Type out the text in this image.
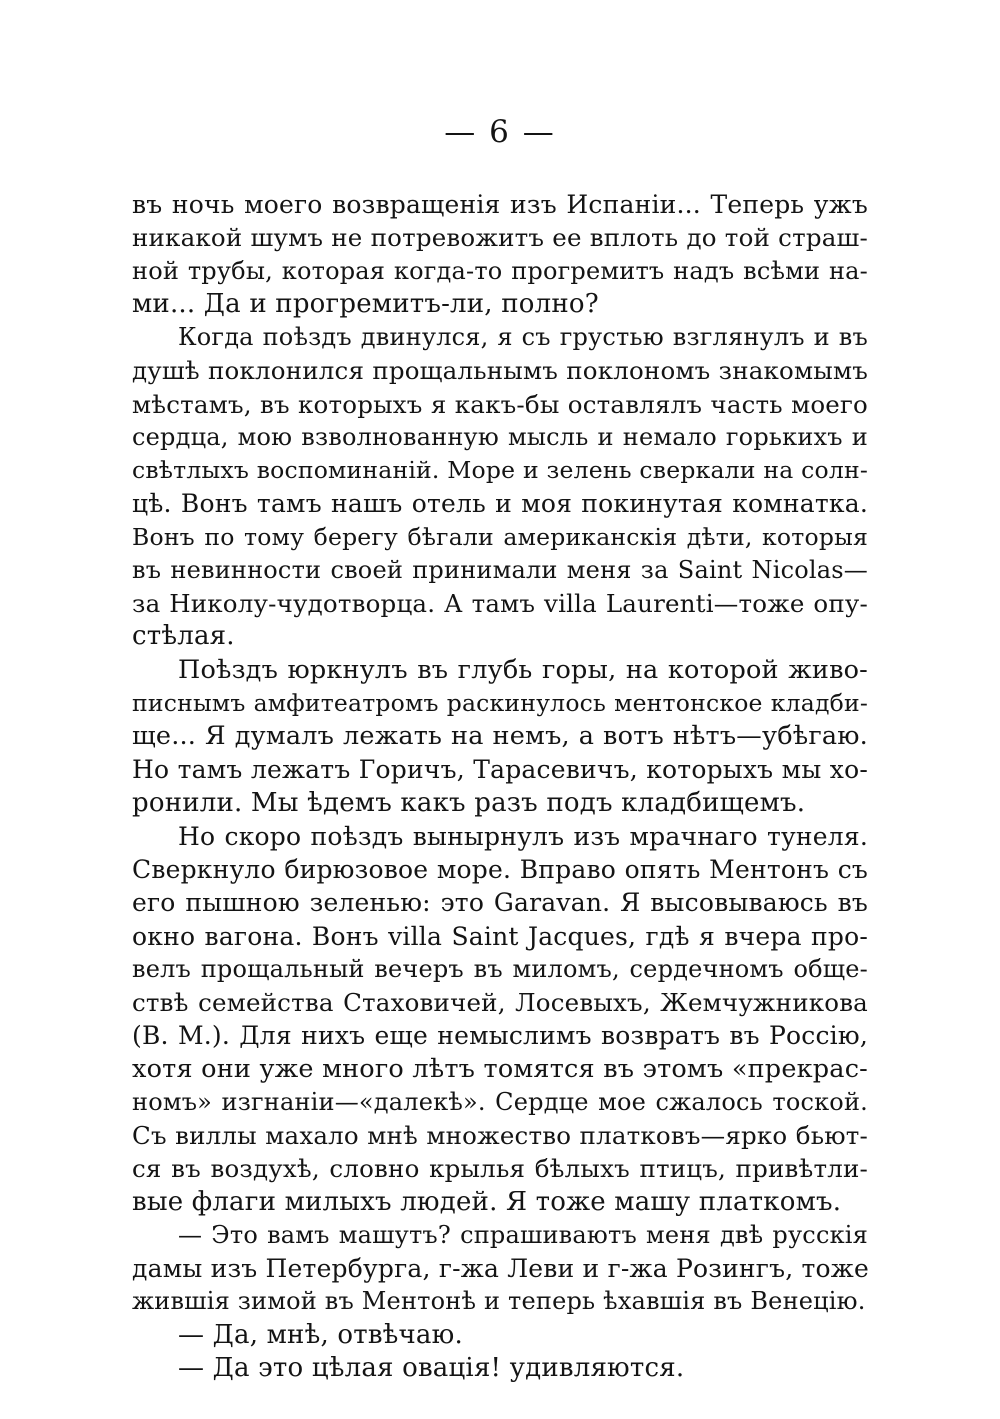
— 6 —
въ ночь моего возвращенія изъ Испаніи... Теперь ужъ
никакой шумъ не потревожитъ ее вплоть до той страш-
ной трубы, которая когда-то прогремитъ надъ всѣми на-
ми... Да и прогремитъ-ли, полно?
Когда поѣздъ двинулся, я съ грустью взглянулъ и въ
душѣ поклонился прощальнымъ поклономъ знакомымъ
мѣстамъ, въ которыхъ я какъ-бы оставлялъ часть моего
сердца, мою взволнованную мысль и немало горькихъ и
свѣтлыхъ воспоминаній. Море и зелень сверкали на солн-
цѣ. Вонъ тамъ нашъ отель и моя покинутая комнатка.
Вонъ по тому берегу бѣгали американскія дѣти, которыя
въ невинности своей принимали меня за Saint Nicolas—
за Николу-чудотворца. А тамъ villa Laurenti—тоже опу-
стѣлая.
Поѣздъ юркнулъ въ глубь горы, на которой живо-
писнымъ амфитеатромъ раскинулось ментонское кладби-
ще... Я думалъ лежать на немъ, а вотъ нѣтъ—убѣгаю.
Но тамъ лежатъ Горичъ, Тарасевичъ, которыхъ мы хо-
ронили. Мы ѣдемъ какъ разъ подъ кладбищемъ.
Но скоро поѣздъ вынырнулъ изъ мрачнаго тунеля.
Сверкнуло бирюзовое море. Вправо опять Ментонъ съ
его пышною зеленью: это Garavan. Я высовываюсь въ
окно вагона. Вонъ villa Saint Jacques, гдѣ я вчера про-
велъ прощальный вечеръ въ миломъ, сердечномъ обще-
ствѣ семейства Стаховичей, Лосевыхъ, Жемчужникова
(В. М.). Для нихъ еще немыслимъ возвратъ въ Россію,
хотя они уже много лѣтъ томятся въ этомъ «прекрас-
номъ» изгнаніи—«далекѣ». Сердце мое сжалось тоской.
Съ виллы махало мнѣ множество платковъ—ярко бьют-
ся въ воздухѣ, словно крылья бѣлыхъ птицъ, привѣтли-
вые флаги милыхъ людей. Я тоже машу платкомъ.
— Это вамъ машутъ? спрашиваютъ меня двѣ русскія
дамы изъ Петербурга, г-жа Леви и г-жа Розингъ, тоже
жившія зимой въ Ментонѣ и теперь ѣхавшія въ Венецію.
— Да, мнѣ, отвѣчаю.
— Да это цѣлая овація! удивляются.
